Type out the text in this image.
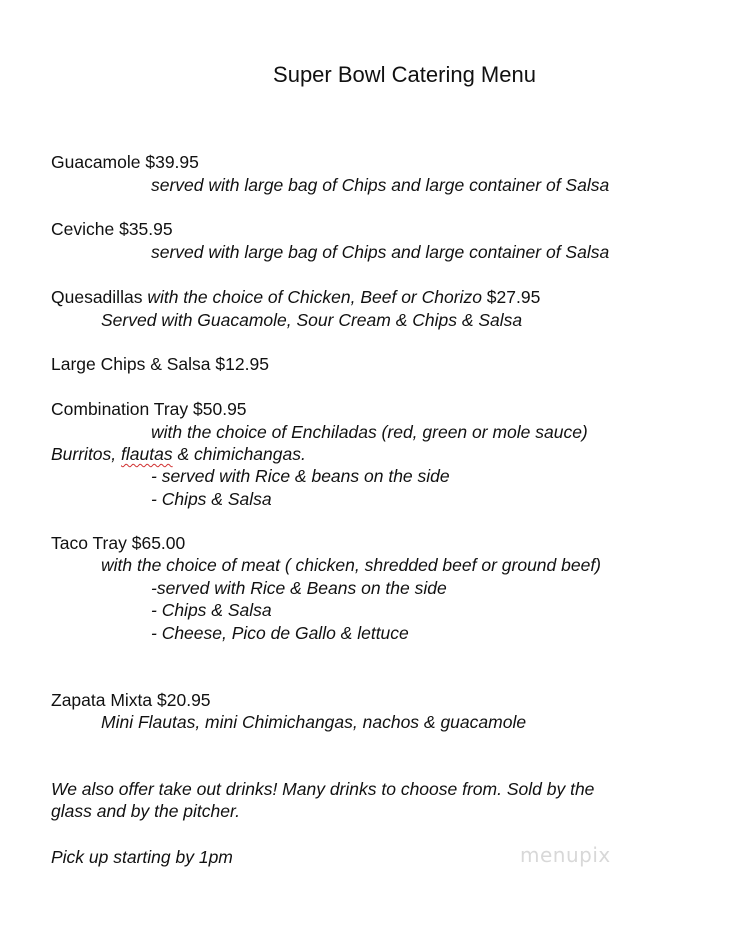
Super Bowl Catering Menu
Guacamole $39.95
served with large bag of Chips and large container of Salsa
Ceviche $35.95
served with large bag of Chips and large container of Salsa
Quesadillas with the choice of Chicken, Beef or Chorizo $27.95
Served with Guacamole, Sour Cream & Chips & Salsa
Large Chips & Salsa $12.95
Combination Tray $50.95
with the choice of Enchiladas (red, green or mole sauce)
Burritos, flautas & chimichangas.
- served with Rice & beans on the side
- Chips & Salsa
Taco Tray $65.00
with the choice of meat ( chicken, shredded beef or ground beef)
-served with Rice & Beans on the side
- Chips & Salsa
- Cheese, Pico de Gallo & lettuce
Zapata Mixta $20.95
Mini Flautas, mini Chimichangas, nachos & guacamole
We also offer take out drinks! Many drinks to choose from. Sold by the
glass and by the pitcher.
Pick up starting by 1pm	menupix
